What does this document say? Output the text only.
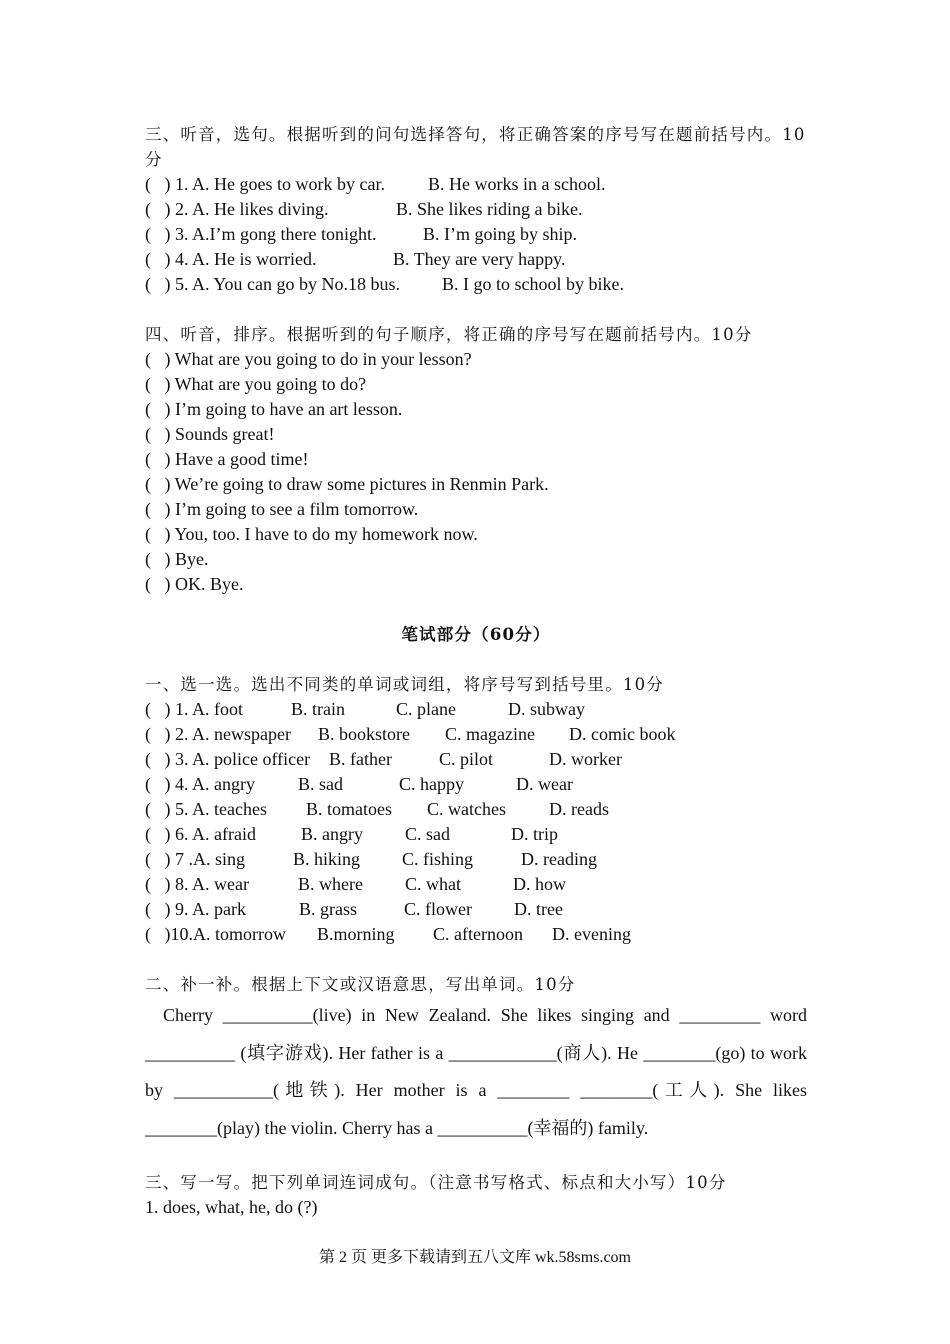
三、听音，选句。根据听到的问句选择答句，将正确答案的序号写在题前括号内。10分
(   ) 1. A. He goes to work by car. B. He works in a school.
(   ) 2. A. He likes diving.	B. She likes riding a bike.
(   ) 3. A.I’m gong there tonight.	B. I’m going by ship.
(   ) 4. A. He is worried.	B. They are very happy.
(   ) 5. A. You can go by No.18 bus. B. I go to school by bike.
四、听音，排序。根据听到的句子顺序，将正确的序号写在题前括号内。10分
(   ) What are you going to do in your lesson?
(   ) What are you going to do?
(   ) I’m going to have an art lesson.
(   ) Sounds great!
(   ) Have a good time!
(   ) We’re going to draw some pictures in Renmin Park.
(   ) I’m going to see a film tomorrow.
(   ) You, too. I have to do my homework now.
(   ) Bye.
(   ) OK. Bye.
笔试部分（60分）
一、选一选。选出不同类的单词或词组，将序号写到括号里。10分
(   ) 1. A. foot	B. train	C. plane	D. subway
(   ) 2. A. newspaper B. bookstore C. magazine D. comic book
(   ) 3. A. police officer B. father	C. pilot	D. worker
(   ) 4. A. angry B. sad	C. happy	D. wear
(   ) 5. A. teaches B. tomatoes C. watches D. reads
(   ) 6. A. afraid	B. angry C. sad	D. trip
(   ) 7 .A. sing	B. hiking C. fishing	D. reading
(   ) 8. A. wear	B. where C. what	D. how
(   ) 9. A. park	B. grass	C. flower D. tree
(   )10.A. tomorrow B.morning C. afternoon D. evening
二、补一补。根据上下文或汉语意思，写出单词。10分
Cherry __________(live) in New Zealand. She likes singing and _________ word __________ (填字游戏). Her father is a ____________(商人). He ________(go) to work by ___________(地铁). Her mother is a ________ ________(工人). She likes ________(play) the violin. Cherry has a __________(幸福的) family.
三、写一写。把下列单词连词成句。（注意书写格式、标点和大小写）10分
1. does, what, he, do (?)
第 2 页 更多下载请到五八文库 wk.58sms.com
